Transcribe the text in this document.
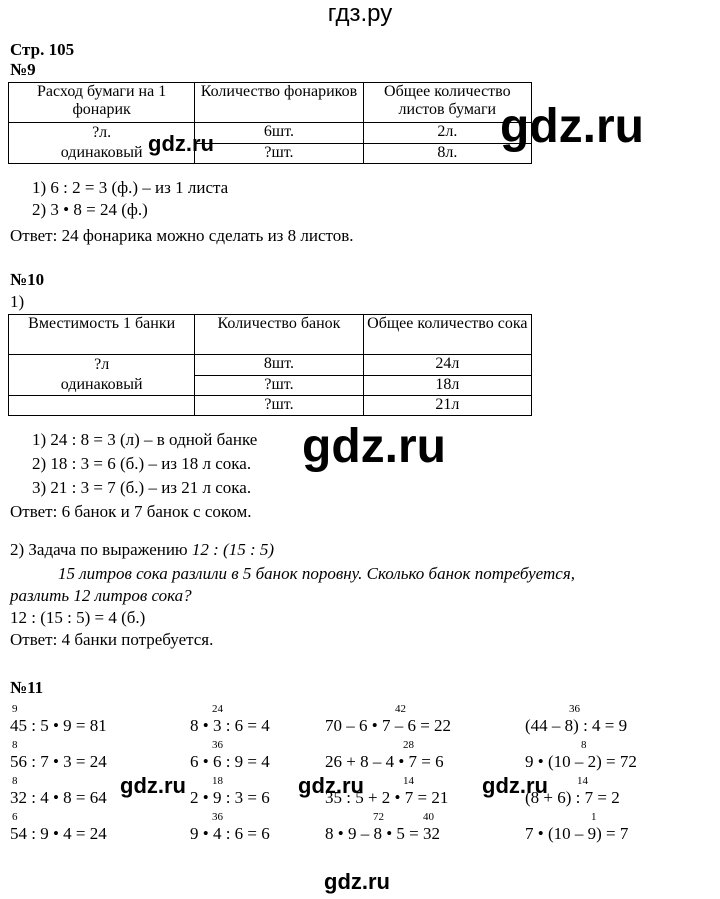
гдз.ру
Стр. 105
№9
Расход бумаги на 1 фонарик	Количество фонариков	Общее количество листов бумаги

?л.
одинаковый	6шт.	2л.
	?шт.	8л.
1) 6 : 2 = 3 (ф.) – из 1 листа
2) 3 • 8 = 24 (ф.)
Ответ: 24 фонарика можно сделать из 8 листов.
№10
1)
Вместимость 1 банки	Количество банок	Общее количество сока

?л
одинаковый	8шт.	24л
	?шт.	18л
	?шт.	21л
1) 24 : 8 = 3 (л) – в одной банке
2) 18 : 3 = 6 (б.) – из 18 л сока.
3) 21 : 3 = 7 (б.) – из 21 л сока.
Ответ: 6 банок и 7 банок с соком.
2) Задача по выражению 12 : (15 : 5)
15 литров сока разлили в 5 банок поровну. Сколько банок потребуется,
разлить 12 литров сока?
12 : (15 : 5) = 4 (б.)
Ответ: 4 банки потребуется.
№11
45 : 5 • 9 = 81
9
8 • 3 : 6 = 4
24
70 – 6 • 7 – 6 = 22
42
(44 – 8) : 4 = 9
36
56 : 7 • 3 = 24
8
6 • 6 : 9 = 4
36
26 + 8 – 4 • 7 = 6
28
9 • (10 – 2) = 72
8
32 : 4 • 8 = 64
8
2 • 9 : 3 = 6
18
35 : 5 + 2 • 7 = 21
14
(8 + 6) : 7 = 2
14
54 : 9 • 4 = 24
6
9 • 4 : 6 = 6
36
8 • 9 – 8 • 5 = 32
72	40
7 • (10 – 9) = 7
1
gdz.ru
gdz.ru
gdz.ru
gdz.ru	gdz.ru	gdz.ru
gdz.ru
